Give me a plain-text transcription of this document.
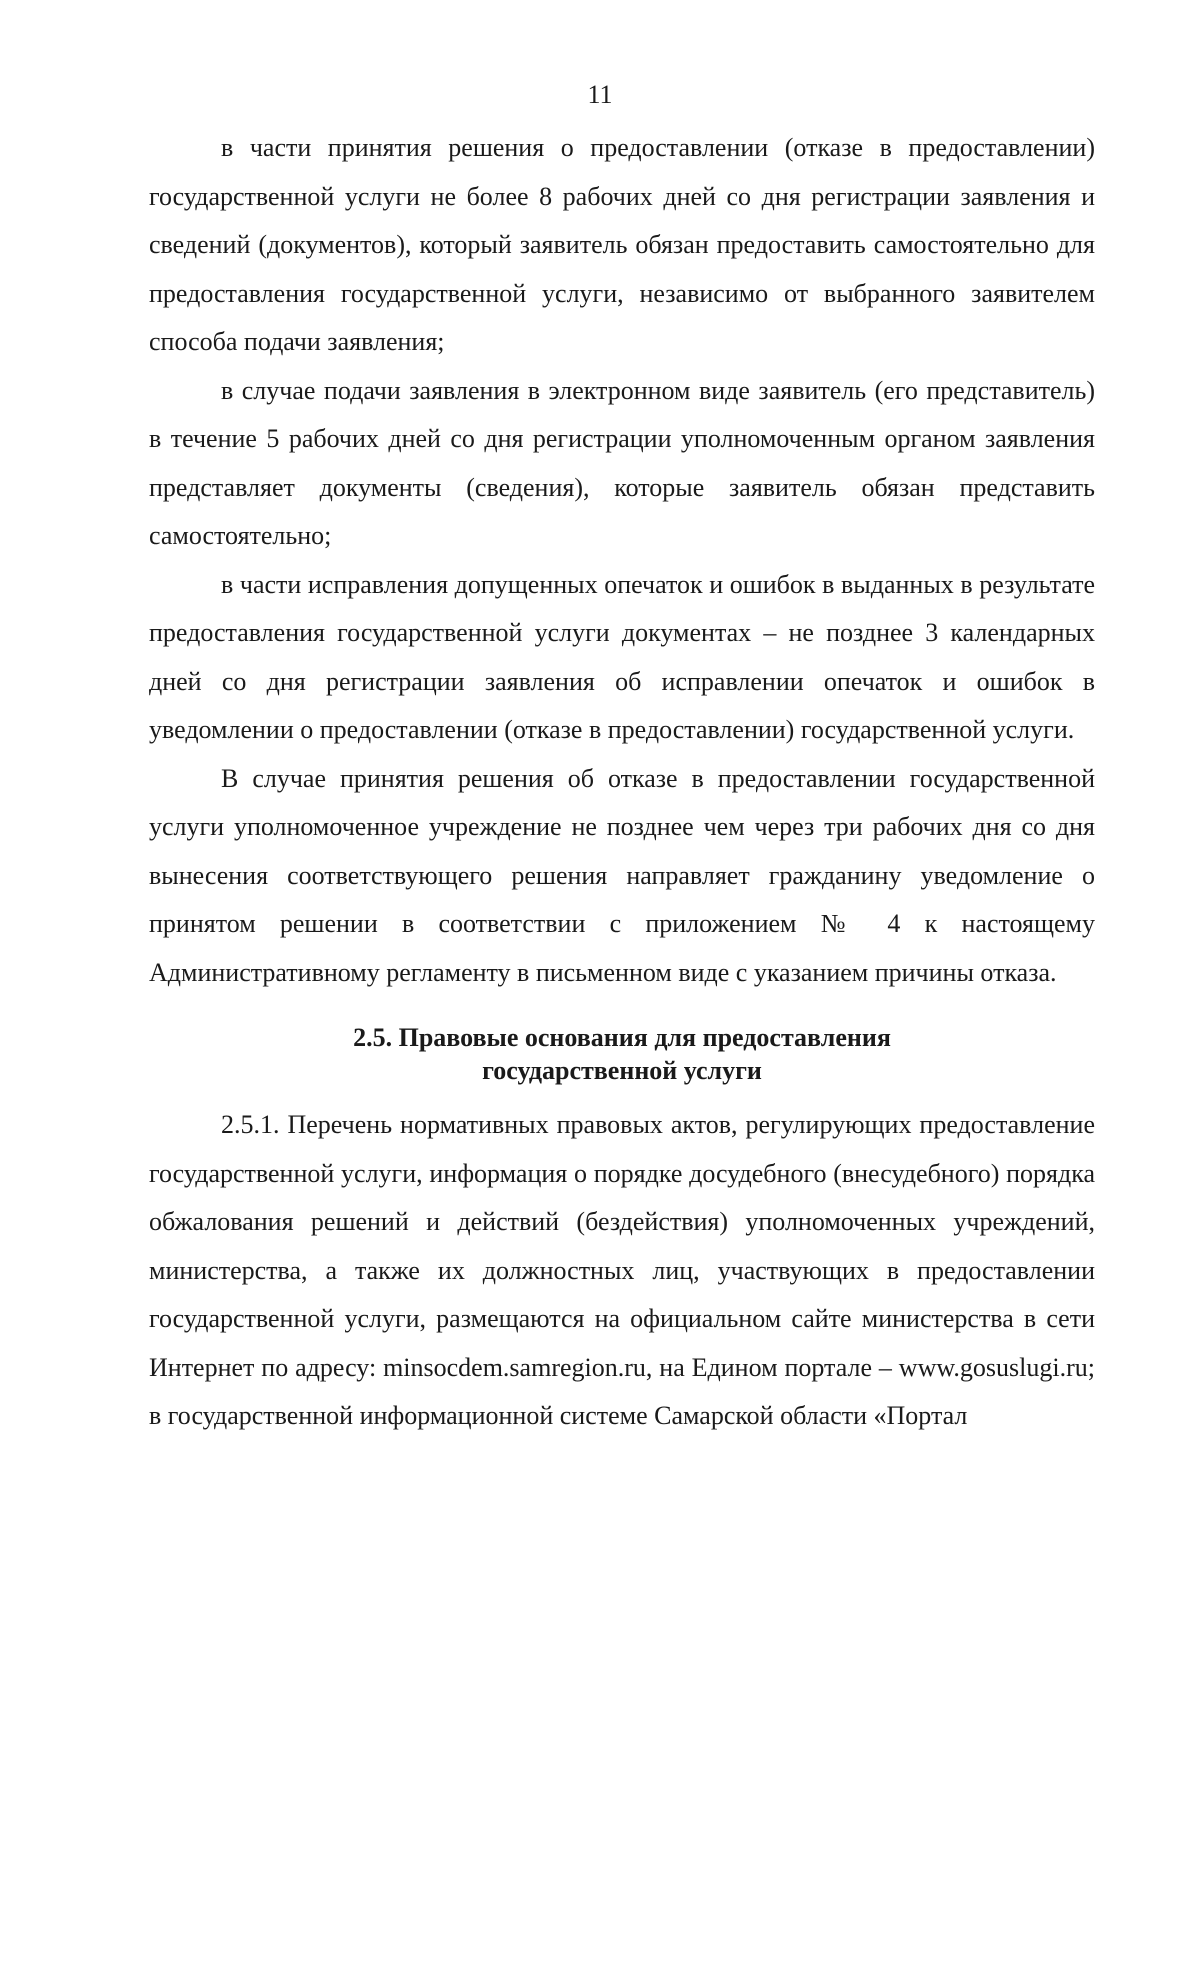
11

в части принятия решения о предоставлении (отказе в предоставлении) государственной услуги не более 8 рабочих дней со дня регистрации заявления и сведений (документов), который заявитель обязан предоставить самостоятельно для предоставления государственной услуги, независимо от выбранного заявителем способа подачи заявления;

в случае подачи заявления в электронном виде заявитель (его представитель) в течение 5 рабочих дней со дня регистрации уполномоченным органом заявления представляет документы (сведения), которые заявитель обязан представить самостоятельно;

в части исправления допущенных опечаток и ошибок в выданных в результате предоставления государственной услуги документах – не позднее 3 календарных дней со дня регистрации заявления об исправлении опечаток и ошибок в уведомлении о предоставлении (отказе в предоставлении) государственной услуги.

В случае принятия решения об отказе в предоставлении государственной услуги уполномоченное учреждение не позднее чем через три рабочих дня со дня вынесения соответствующего решения направляет гражданину уведомление о принятом решении в соответствии с приложением № 4 к настоящему Административному регламенту в письменном виде с указанием причины отказа.

2.5. Правовые основания для предоставления
государственной услуги

2.5.1. Перечень нормативных правовых актов, регулирующих предоставление государственной услуги, информация о порядке досудебного (внесудебного) порядка обжалования решений и действий (бездействия) уполномоченных учреждений, министерства, а также их должностных лиц, участвующих в предоставлении государственной услуги, размещаются на официальном сайте министерства в сети Интернет по адресу: minsocdem.samregion.ru, на Едином портале – www.gosuslugi.ru; в государственной информационной системе Самарской области «Портал
